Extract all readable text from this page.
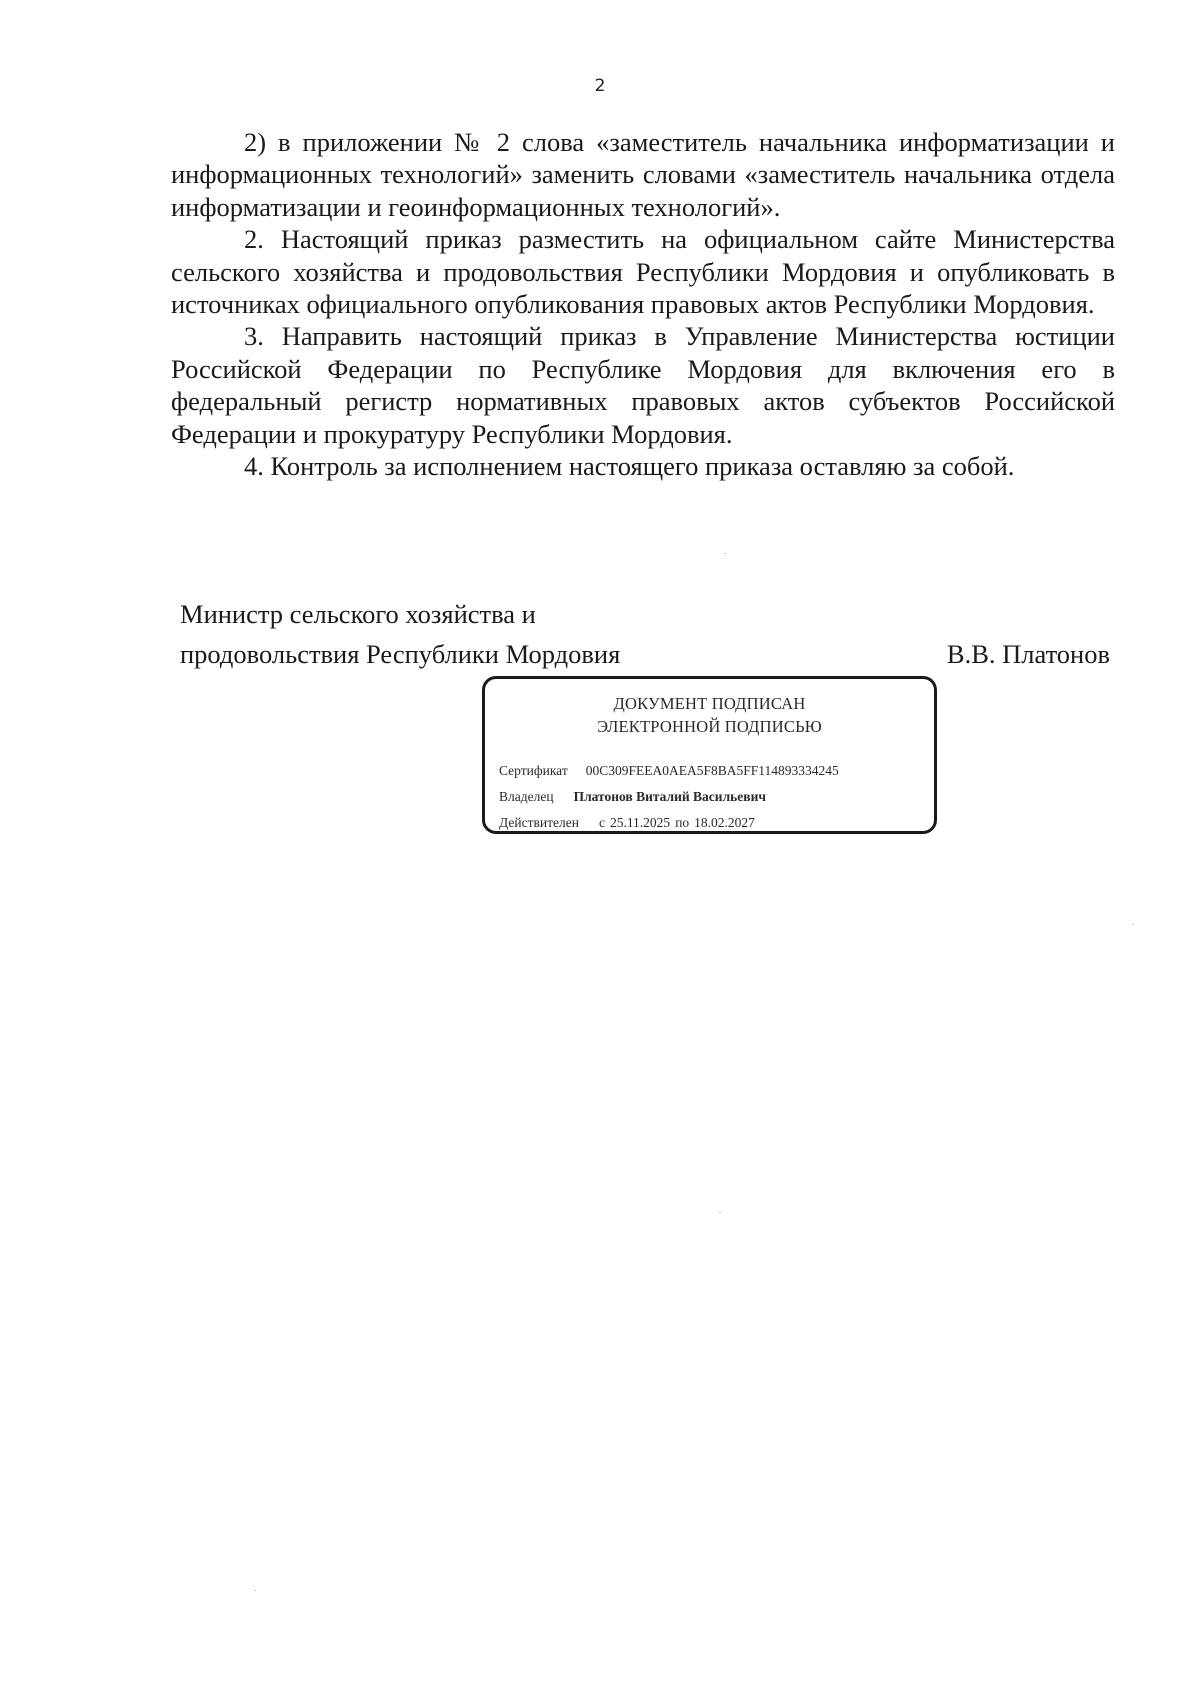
2

2) в приложении № 2 слова «заместитель начальника информатизации и информационных технологий» заменить словами «заместитель начальника отдела информатизации и геоинформационных технологий».

2. Настоящий приказ разместить на официальном сайте Министерства сельского хозяйства и продовольствия Республики Мордовия и опубликовать в источниках официального опубликования правовых актов Республики Мордовия.

3. Направить настоящий приказ в Управление Министерства юстиции Российской Федерации по Республике Мордовия для включения его в федеральный регистр нормативных правовых актов субъектов Российской Федерации и прокуратуру Республики Мордовия.

4. Контроль за исполнением настоящего приказа оставляю за собой.

Министр сельского хозяйства и
продовольствия Республики Мордовия	В.В. Платонов
ДОКУМЕНТ ПОДПИСАН
ЭЛЕКТРОННОЙ ПОДПИСЬЮ
Сертификат 00C309FEEA0AEA5F8BA5FF114893334245
Владелец Платонов Виталий Васильевич
Действителен с 25.11.2025 по 18.02.2027
